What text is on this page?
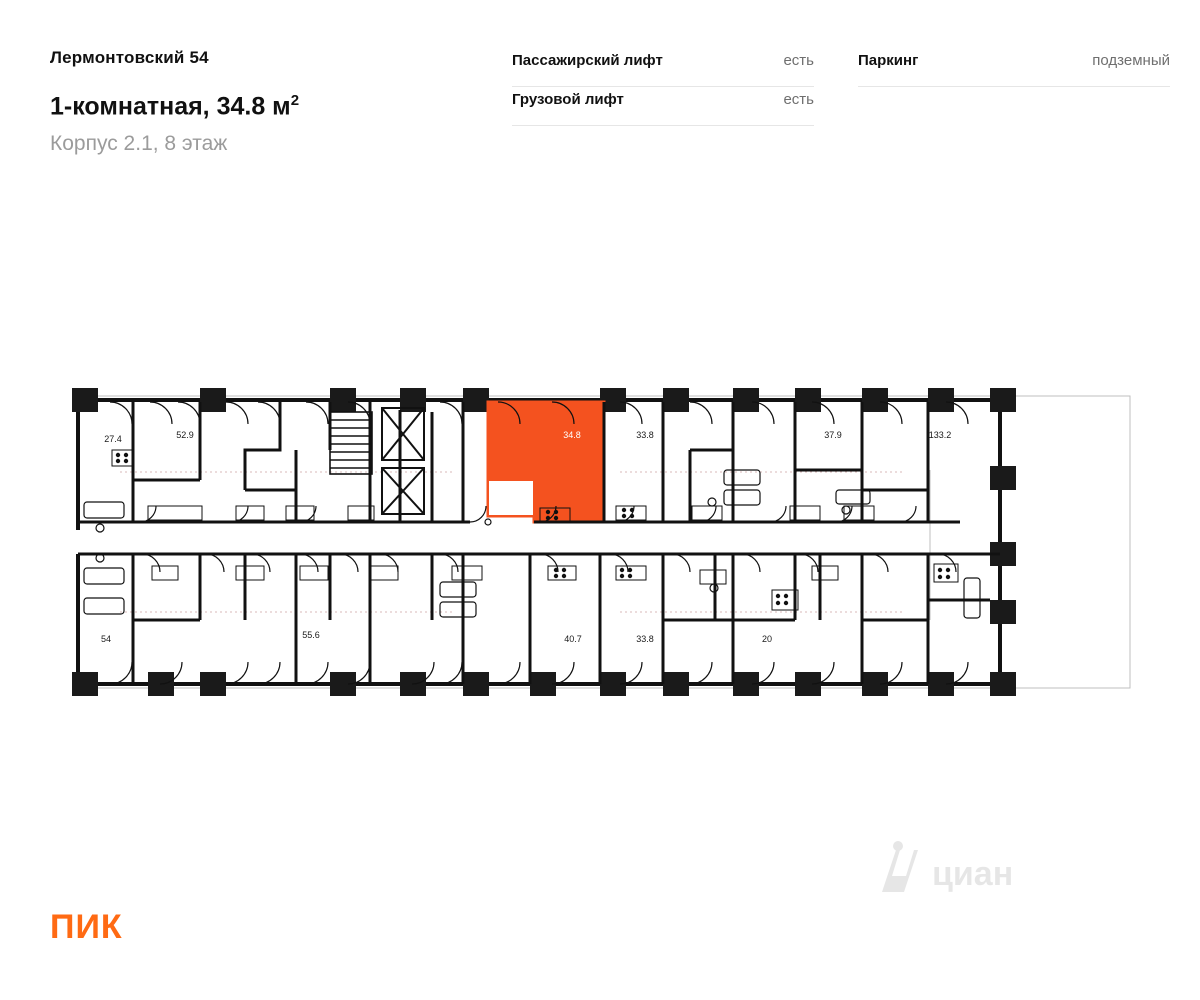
Лермонтовский 54
1-комнатная, 34.8 $м^2$
Корпус 2.1, 8 этаж
Пассажирский лифт	есть
Грузовой лифт	есть
Паркинг	подземный
27.4	52.9	34.8	33.8	37.9	133.2
54	55.6	40.7	33.8	20
циан
ПИК
